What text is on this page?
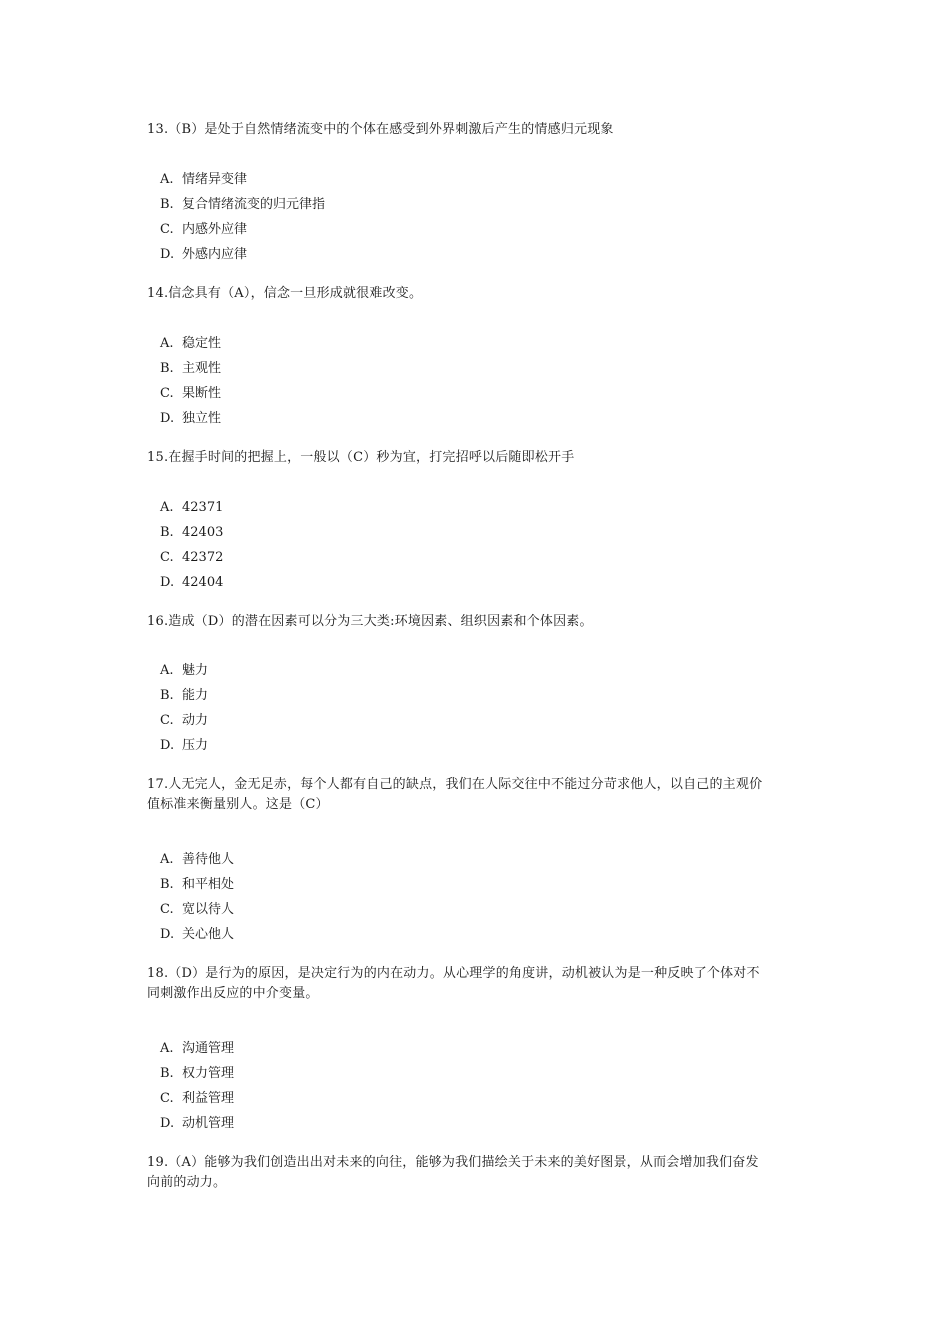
13.（B）是处于自然情绪流变中的个体在感受到外界刺激后产生的情感归元现象
A. 情绪异变律
B. 复合情绪流变的归元律指
C. 内感外应律
D. 外感内应律
14.信念具有（A），信念一旦形成就很难改变。
A. 稳定性
B. 主观性
C. 果断性
D. 独立性
15.在握手时间的把握上，一般以（C）秒为宜，打完招呼以后随即松开手
A. 42371
B. 42403
C. 42372
D. 42404
16.造成（D）的潜在因素可以分为三大类:环境因素、组织因素和个体因素。
A. 魅力
B. 能力
C. 动力
D. 压力
17.人无完人，金无足赤，每个人都有自己的缺点，我们在人际交往中不能过分苛求他人，以自己的主观价
值标准来衡量别人。这是（C）
A. 善待他人
B. 和平相处
C. 宽以待人
D. 关心他人
18.（D）是行为的原因，是决定行为的内在动力。从心理学的角度讲，动机被认为是一种反映了个体对不
同刺激作出反应的中介变量。
A. 沟通管理
B. 权力管理
C. 利益管理
D. 动机管理
19.（A）能够为我们创造出出对未来的向往，能够为我们描绘关于未来的美好图景，从而会增加我们奋发
向前的动力。
